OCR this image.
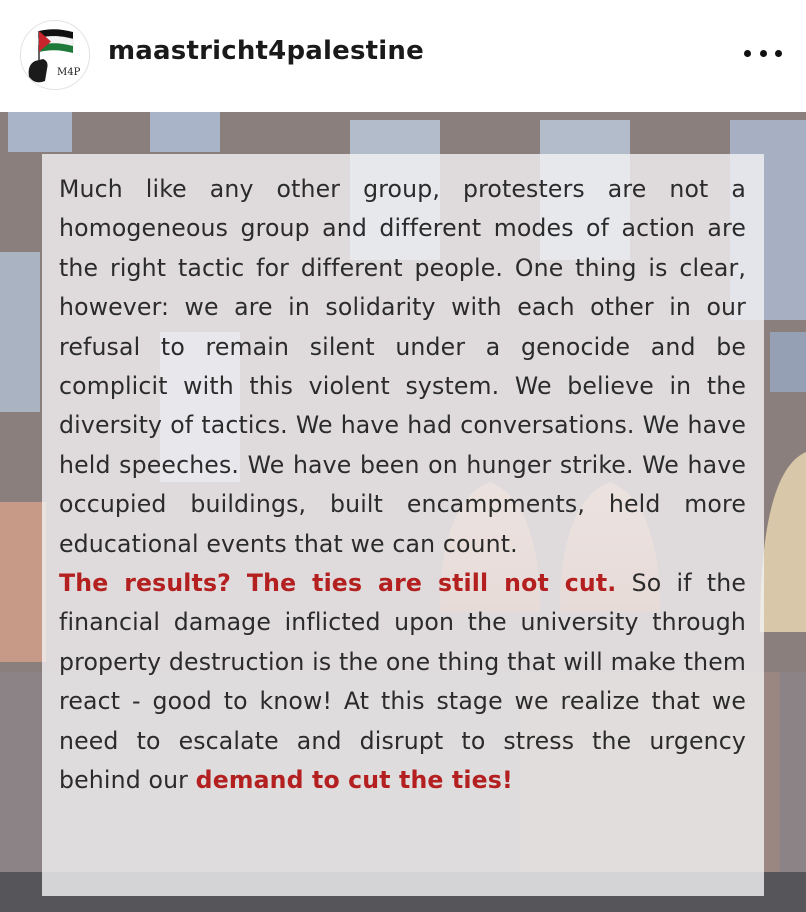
M4P
maastricht4palestine

Much like any other group, protesters are not a homogeneous group and different modes of action are the right tactic for different people. One thing is clear, however: we are in solidarity with each other in our refusal to remain silent under a genocide and be complicit with this violent system. We believe in the diversity of tactics. We have had conversations. We have held speeches. We have been on hunger strike. We have occupied buildings, built encampments, held more educational events that we can count.
The results? The ties are still not cut. So if the financial damage inflicted upon the university through property destruction is the one thing that will make them react - good to know! At this stage we realize that we need to escalate and disrupt to stress the urgency behind our demand to cut the ties!
